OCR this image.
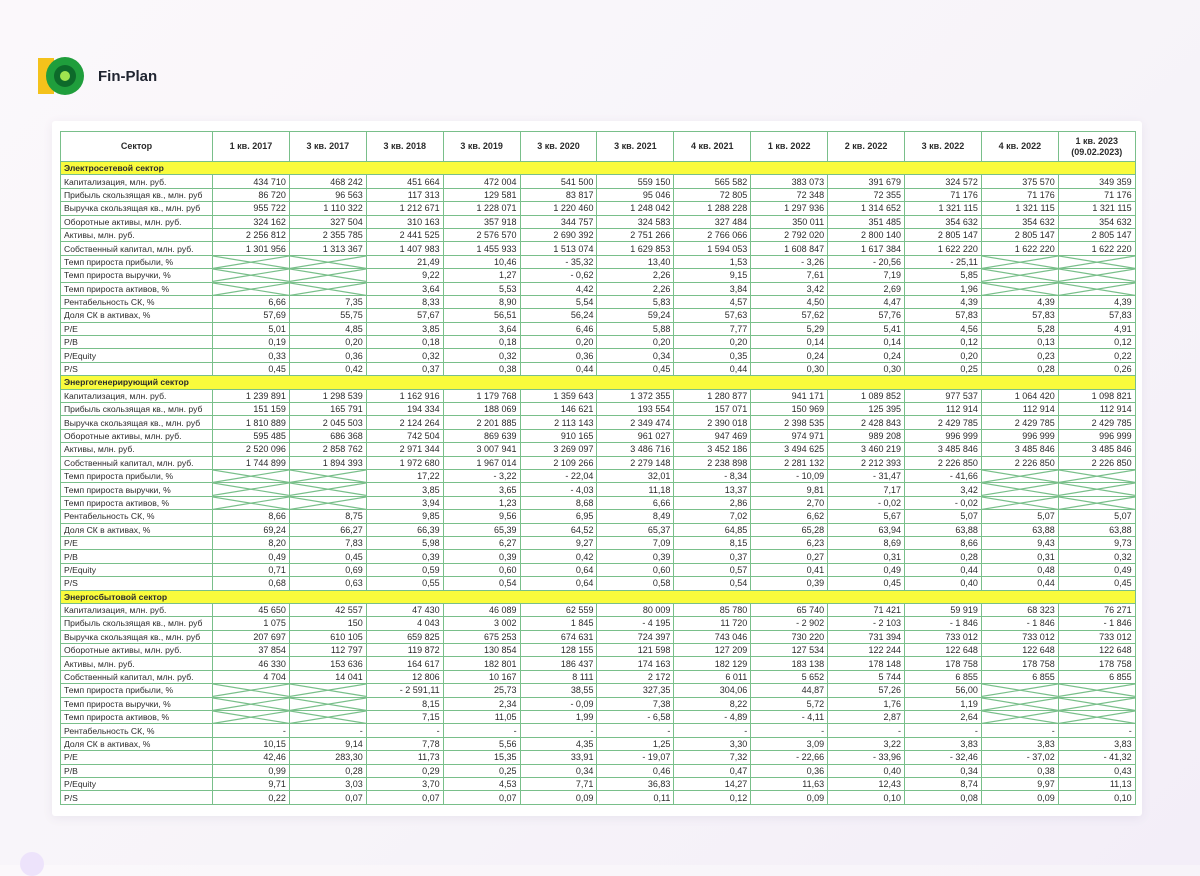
Fin-Plan
Сектор	1 кв. 2017	3 кв. 2017	3 кв. 2018	3 кв. 2019	3 кв. 2020	3 кв. 2021	4 кв. 2021	1 кв. 2022	2 кв. 2022	3 кв. 2022	4 кв. 2022	1 кв. 2023
(09.02.2023)
Электросетевой сектор												
Капитализация, млн. руб.	434 710	468 242	451 664	472 004	541 500	559 150	565 582	383 073	391 679	324 572	375 570	349 359
Прибыль скользящая кв., млн. руб	86 720	96 563	117 313	129 581	83 817	95 046	72 805	72 348	72 355	71 176	71 176	71 176
Выручка скользящая кв., млн. руб	955 722	1 110 322	1 212 671	1 228 071	1 220 460	1 248 042	1 288 228	1 297 936	1 314 652	1 321 115	1 321 115	1 321 115
Оборотные активы, млн. руб.	324 162	327 504	310 163	357 918	344 757	324 583	327 484	350 011	351 485	354 632	354 632	354 632
Активы, млн. руб.	2 256 812	2 355 785	2 441 525	2 576 570	2 690 392	2 751 266	2 766 066	2 792 020	2 800 140	2 805 147	2 805 147	2 805 147
Собственный капитал, млн. руб.	1 301 956	1 313 367	1 407 983	1 455 933	1 513 074	1 629 853	1 594 053	1 608 847	1 617 384	1 622 220	1 622 220	1 622 220
Темп прироста прибыли, %			21,49	10,46	- 35,32	13,40	1,53	- 3,26	- 20,56	- 25,11	

Темп прироста выручки, %			9,22	1,27	- 0,62	2,26	9,15	7,61	7,19	5,85	

Темп прироста активов, %			3,64	5,53	4,42	2,26	3,84	3,42	2,69	1,96	

Рентабельность СК, %	6,66	7,35	8,33	8,90	5,54	5,83	4,57	4,50	4,47	4,39	4,39	4,39
Доля СК в активах, %	57,69	55,75	57,67	56,51	56,24	59,24	57,63	57,62	57,76	57,83	57,83	57,83
P/E	5,01	4,85	3,85	3,64	6,46	5,88	7,77	5,29	5,41	4,56	5,28	4,91
P/B	0,19	0,20	0,18	0,18	0,20	0,20	0,20	0,14	0,14	0,12	0,13	0,12
P/Equity	0,33	0,36	0,32	0,32	0,36	0,34	0,35	0,24	0,24	0,20	0,23	0,22
P/S	0,45	0,42	0,37	0,38	0,44	0,45	0,44	0,30	0,30	0,25	0,28	0,26
Энергогенерирующий сектор												
Капитализация, млн. руб.	1 239 891	1 298 539	1 162 916	1 179 768	1 359 643	1 372 355	1 280 877	941 171	1 089 852	977 537	1 064 420	1 098 821
Прибыль скользящая кв., млн. руб	151 159	165 791	194 334	188 069	146 621	193 554	157 071	150 969	125 395	112 914	112 914	112 914
Выручка скользящая кв., млн. руб	1 810 889	2 045 503	2 124 264	2 201 885	2 113 143	2 349 474	2 390 018	2 398 535	2 428 843	2 429 785	2 429 785	2 429 785
Оборотные активы, млн. руб.	595 485	686 368	742 504	869 639	910 165	961 027	947 469	974 971	989 208	996 999	996 999	996 999
Активы, млн. руб.	2 520 096	2 858 762	2 971 344	3 007 941	3 269 097	3 486 716	3 452 186	3 494 625	3 460 219	3 485 846	3 485 846	3 485 846
Собственный капитал, млн. руб.	1 744 899	1 894 393	1 972 680	1 967 014	2 109 266	2 279 148	2 238 898	2 281 132	2 212 393	2 226 850	2 226 850	2 226 850
Темп прироста прибыли, %			17,22	- 3,22	- 22,04	32,01	- 8,34	- 10,09	- 31,47	- 41,66	

Темп прироста выручки, %			3,85	3,65	- 4,03	11,18	13,37	9,81	7,17	3,42	

Темп прироста активов, %			3,94	1,23	8,68	6,66	2,86	2,70	- 0,02	- 0,02	

Рентабельность СК, %	8,66	8,75	9,85	9,56	6,95	8,49	7,02	6,62	5,67	5,07	5,07	5,07
Доля СК в активах, %	69,24	66,27	66,39	65,39	64,52	65,37	64,85	65,28	63,94	63,88	63,88	63,88
P/E	8,20	7,83	5,98	6,27	9,27	7,09	8,15	6,23	8,69	8,66	9,43	9,73
P/B	0,49	0,45	0,39	0,39	0,42	0,39	0,37	0,27	0,31	0,28	0,31	0,32
P/Equity	0,71	0,69	0,59	0,60	0,64	0,60	0,57	0,41	0,49	0,44	0,48	0,49
P/S	0,68	0,63	0,55	0,54	0,64	0,58	0,54	0,39	0,45	0,40	0,44	0,45
Энергосбытовой сектор												
Капитализация, млн. руб.	45 650	42 557	47 430	46 089	62 559	80 009	85 780	65 740	71 421	59 919	68 323	76 271
Прибыль скользящая кв., млн. руб	1 075	150	4 043	3 002	1 845	- 4 195	11 720	- 2 902	- 2 103	- 1 846	- 1 846	- 1 846
Выручка скользящая кв., млн. руб	207 697	610 105	659 825	675 253	674 631	724 397	743 046	730 220	731 394	733 012	733 012	733 012
Оборотные активы, млн. руб.	37 854	112 797	119 872	130 854	128 155	121 598	127 209	127 534	122 244	122 648	122 648	122 648
Активы, млн. руб.	46 330	153 636	164 617	182 801	186 437	174 163	182 129	183 138	178 148	178 758	178 758	178 758
Собственный капитал, млн. руб.	4 704	14 041	12 806	10 167	8 111	2 172	6 011	5 652	5 744	6 855	6 855	6 855
Темп прироста прибыли, %			- 2 591,11	25,73	38,55	327,35	304,06	44,87	57,26	56,00	

Темп прироста выручки, %			8,15	2,34	- 0,09	7,38	8,22	5,72	1,76	1,19	

Темп прироста активов, %			7,15	11,05	1,99	- 6,58	- 4,89	- 4,11	2,87	2,64	

Рентабельность СК, %	-	-	-	-	-	-	-	-	-	-	-	-
Доля СК в активах, %	10,15	9,14	7,78	5,56	4,35	1,25	3,30	3,09	3,22	3,83	3,83	3,83
P/E	42,46	283,30	11,73	15,35	33,91	- 19,07	7,32	- 22,66	- 33,96	- 32,46	- 37,02	- 41,32
P/B	0,99	0,28	0,29	0,25	0,34	0,46	0,47	0,36	0,40	0,34	0,38	0,43
P/Equity	9,71	3,03	3,70	4,53	7,71	36,83	14,27	11,63	12,43	8,74	9,97	11,13
P/S	0,22	0,07	0,07	0,07	0,09	0,11	0,12	0,09	0,10	0,08	0,09	0,10
